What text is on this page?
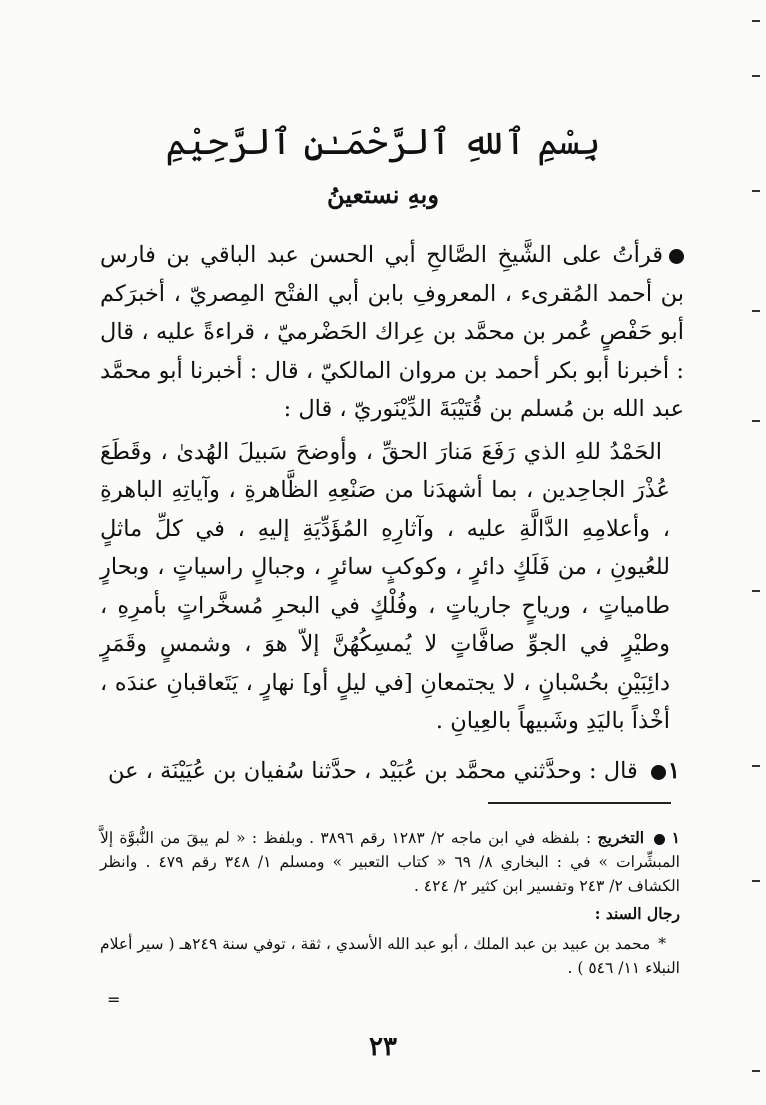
بِسْمِ ٱللهِ ٱلرَّحْمَـٰنِ ٱلرَّحِيْمِ
وبهِ نستعينُ

قرأتُ على الشَّيخِ الصَّالحِ أبي الحسن عبد الباقي بن فارس بن أحمد المُقرىء ، المعروفِ بابن أبي الفتْح المِصريّ ، أخبرَكم أبو حَفْصٍ عُمر بن محمَّد بن عِراك الحَضْرميّ ، قراءةً عليه ، قال : أخبرنا أبو بكر أحمد بن مروان المالكيّ ، قال : أخبرنا أبو محمَّد عبد الله بن مُسلم بن قُتَيْبَةَ الدِّيْنَوريّ ، قال :

الحَمْدُ للهِ الذي رَفَعَ مَنارَ الحقِّ ، وأوضحَ سَبيلَ الهُدىٰ ، وقَطَعَ عُذْرَ الجاحِدين ، بما أشهدَنا من صَنْعِهِ الظَّاهرةِ ، وآياتِهِ الباهرةِ ، وأعلامِهِ الدَّالَّةِ عليه ، وآثارِهِ المُؤَدِّيَةِ إليهِ ، في كلِّ ماثلٍ للعُيونِ ، من فَلَكٍ دائرٍ ، وكوكبٍ سائرٍ ، وجبالٍ راسياتٍ ، وبحارٍ طامياتٍ ، ورياحٍ جارياتٍ ، وفُلْكٍ في البحرِ مُسخَّراتٍ بأمرِهِ ، وطيْرٍ في الجوِّ صافَّاتٍ لا يُمسِكُهُنَّ إلاّ هوَ ، وشمسٍ وقَمَرٍ دائِبَيْنِ بحُسْبانٍ ، لا يجتمعانِ [في ليلٍ أو] نهارٍ ، يَتَعاقبانِ عندَه ، أخْذاً باليَدِ وشَبيهاً بالعِيانِ .

١ قال : وحدَّثني محمَّد بن عُبَيْد ، حدَّثنا سُفيان بن عُيَيْنَة ، عن

١  التخريج : بلفظه في ابن ماجه ٢/ ١٢٨٣ رقم ٣٨٩٦ . وبلفظ : « لم يبقَ من النُّبوَّة إلاَّ المبشِّرات » في : البخاري ٨/ ٦٩ « كتاب التعبير » ومسلم ١/ ٣٤٨ رقم ٤٧٩ . وانظر الكشاف ٢/ ٢٤٣ وتفسير ابن كثير ٢/ ٤٢٤ .

رجال السند :

* محمد بن عبيد بن عبد الملك ، أبو عبد الله الأسدي ، ثقة ، توفي سنة ٢٤٩هـ ( سير أعلام النبلاء ١١/ ٥٤٦ ) .

=
٢٣
